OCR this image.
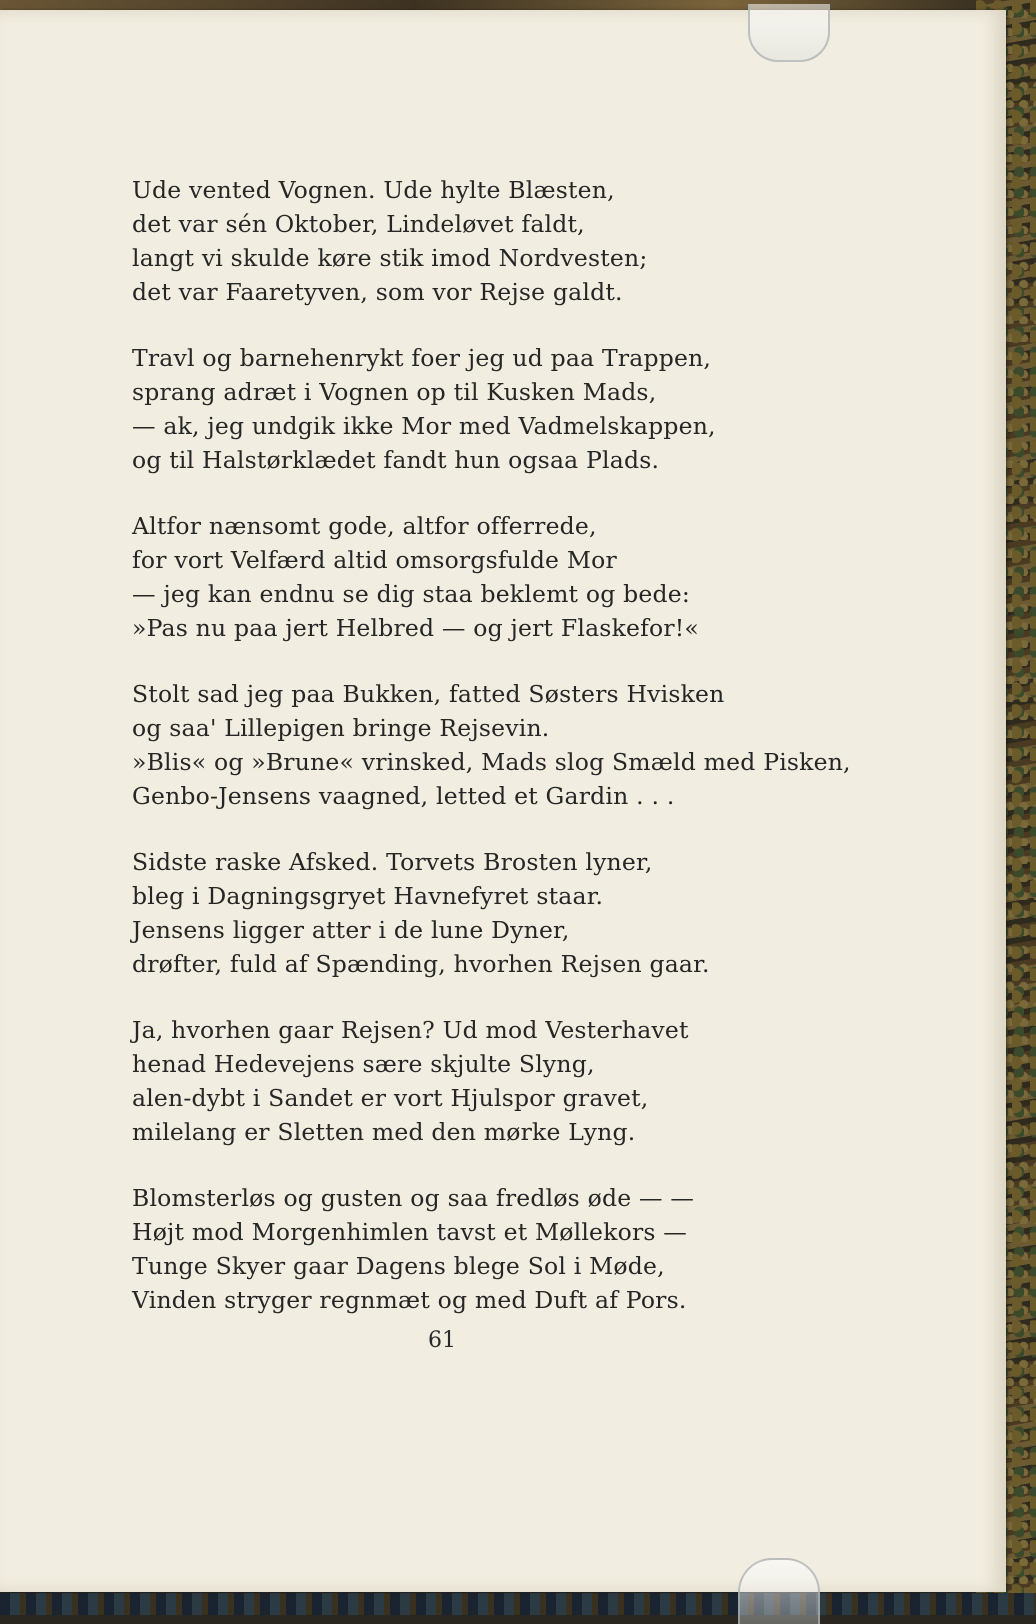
Ude vented Vognen. Ude hylte Blæsten,
det var sén Oktober, Lindeløvet faldt,
langt vi skulde køre stik imod Nordvesten;
det var Faaretyven, som vor Rejse galdt.
Travl og barnehenrykt foer jeg ud paa Trappen,
sprang adræt i Vognen op til Kusken Mads,
— ak, jeg undgik ikke Mor med Vadmelskappen,
og til Halstørklædet fandt hun ogsaa Plads.
Altfor nænsomt gode, altfor offerrede,
for vort Velfærd altid omsorgsfulde Mor
— jeg kan endnu se dig staa beklemt og bede:
»Pas nu paa jert Helbred — og jert Flaskefor!«
Stolt sad jeg paa Bukken, fatted Søsters Hvisken
og saa' Lillepigen bringe Rejsevin.
»Blis« og »Brune« vrinsked, Mads slog Smæld med Pisken,
Genbo-Jensens vaagned, letted et Gardin . . .
Sidste raske Afsked. Torvets Brosten lyner,
bleg i Dagningsgryet Havnefyret staar.
Jensens ligger atter i de lune Dyner,
drøfter, fuld af Spænding, hvorhen Rejsen gaar.
Ja, hvorhen gaar Rejsen? Ud mod Vesterhavet
henad Hedevejens sære skjulte Slyng,
alen-dybt i Sandet er vort Hjulspor gravet,
milelang er Sletten med den mørke Lyng.
Blomsterløs og gusten og saa fredløs øde — —
Højt mod Morgenhimlen tavst et Møllekors —
Tunge Skyer gaar Dagens blege Sol i Møde,
Vinden stryger regnmæt og med Duft af Pors.
61
